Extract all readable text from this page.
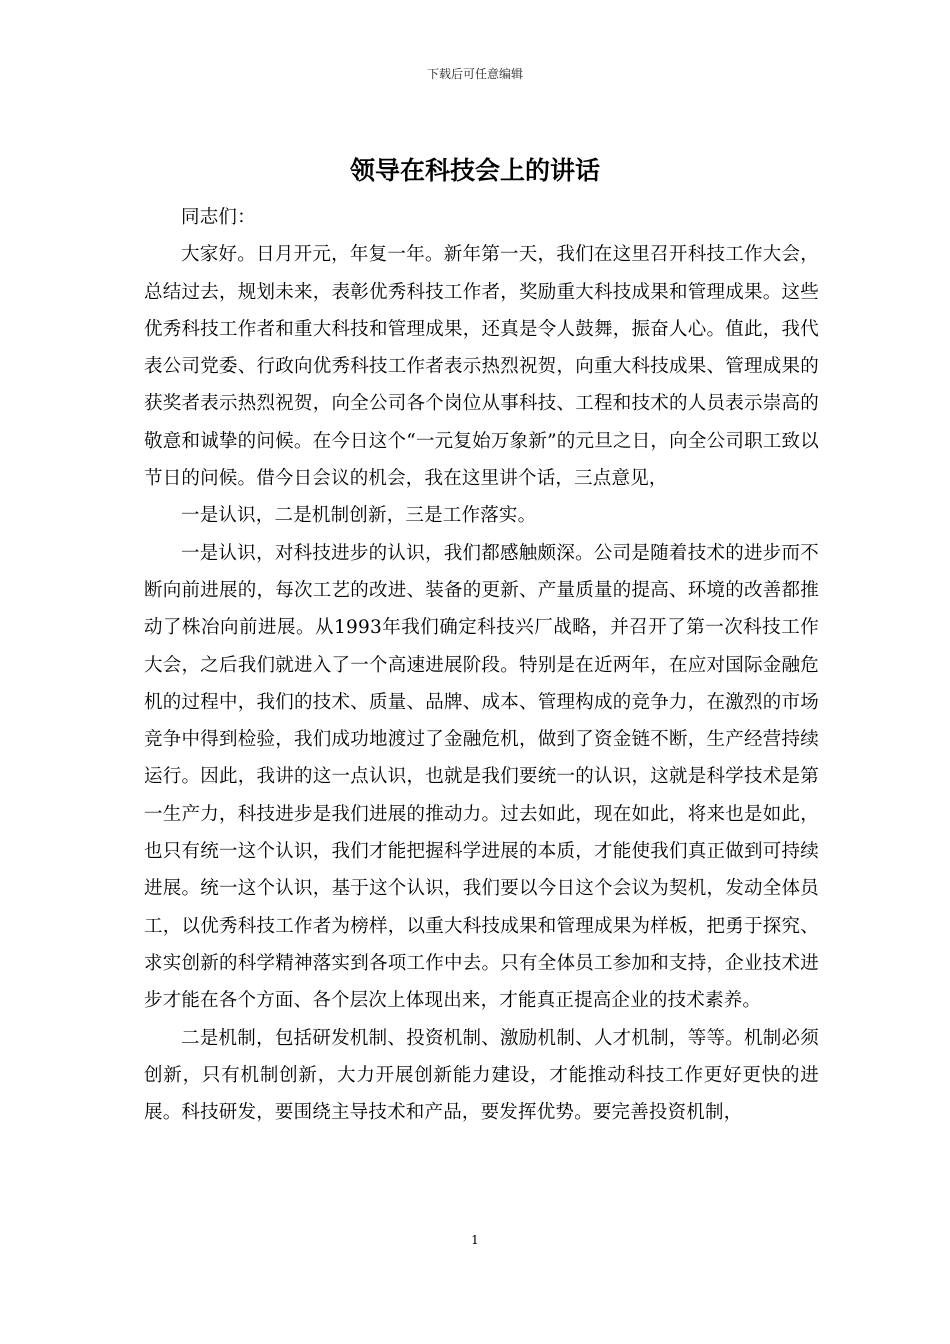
下载后可任意编辑
领导在科技会上的讲话

同志们：

大家好。日月开元，年复一年。新年第一天，我们在这里召开科技工作大会，总结过去，规划未来，表彰优秀科技工作者，奖励重大科技成果和管理成果。这些优秀科技工作者和重大科技和管理成果，还真是令人鼓舞，振奋人心。值此，我代表公司党委、行政向优秀科技工作者表示热烈祝贺，向重大科技成果、管理成果的获奖者表示热烈祝贺，向全公司各个岗位从事科技、工程和技术的人员表示崇高的敬意和诚挚的问候。在今日这个“一元复始万象新”的元旦之日，向全公司职工致以节日的问候。借今日会议的机会，我在这里讲个话，三点意见，

一是认识，二是机制创新，三是工作落实。

一是认识，对科技进步的认识，我们都感触颇深。公司是随着技术的进步而不断向前进展的，每次工艺的改进、装备的更新、产量质量的提高、环境的改善都推动了株冶向前进展。从1993年我们确定科技兴厂战略，并召开了第一次科技工作大会，之后我们就进入了一个高速进展阶段。特别是在近两年，在应对国际金融危机的过程中，我们的技术、质量、品牌、成本、管理构成的竞争力，在激烈的市场竞争中得到检验，我们成功地渡过了金融危机，做到了资金链不断，生产经营持续运行。因此，我讲的这一点认识，也就是我们要统一的认识，这就是科学技术是第一生产力，科技进步是我们进展的推动力。过去如此，现在如此，将来也是如此，也只有统一这个认识，我们才能把握科学进展的本质，才能使我们真正做到可持续进展。统一这个认识，基于这个认识，我们要以今日这个会议为契机，发动全体员工，以优秀科技工作者为榜样，以重大科技成果和管理成果为样板，把勇于探究、求实创新的科学精神落实到各项工作中去。只有全体员工参加和支持，企业技术进步才能在各个方面、各个层次上体现出来，才能真正提高企业的技术素养。

二是机制，包括研发机制、投资机制、激励机制、人才机制，等等。机制必须创新，只有机制创新，大力开展创新能力建设，才能推动科技工作更好更快的进展。科技研发，要围绕主导技术和产品，要发挥优势。要完善投资机制，

1
